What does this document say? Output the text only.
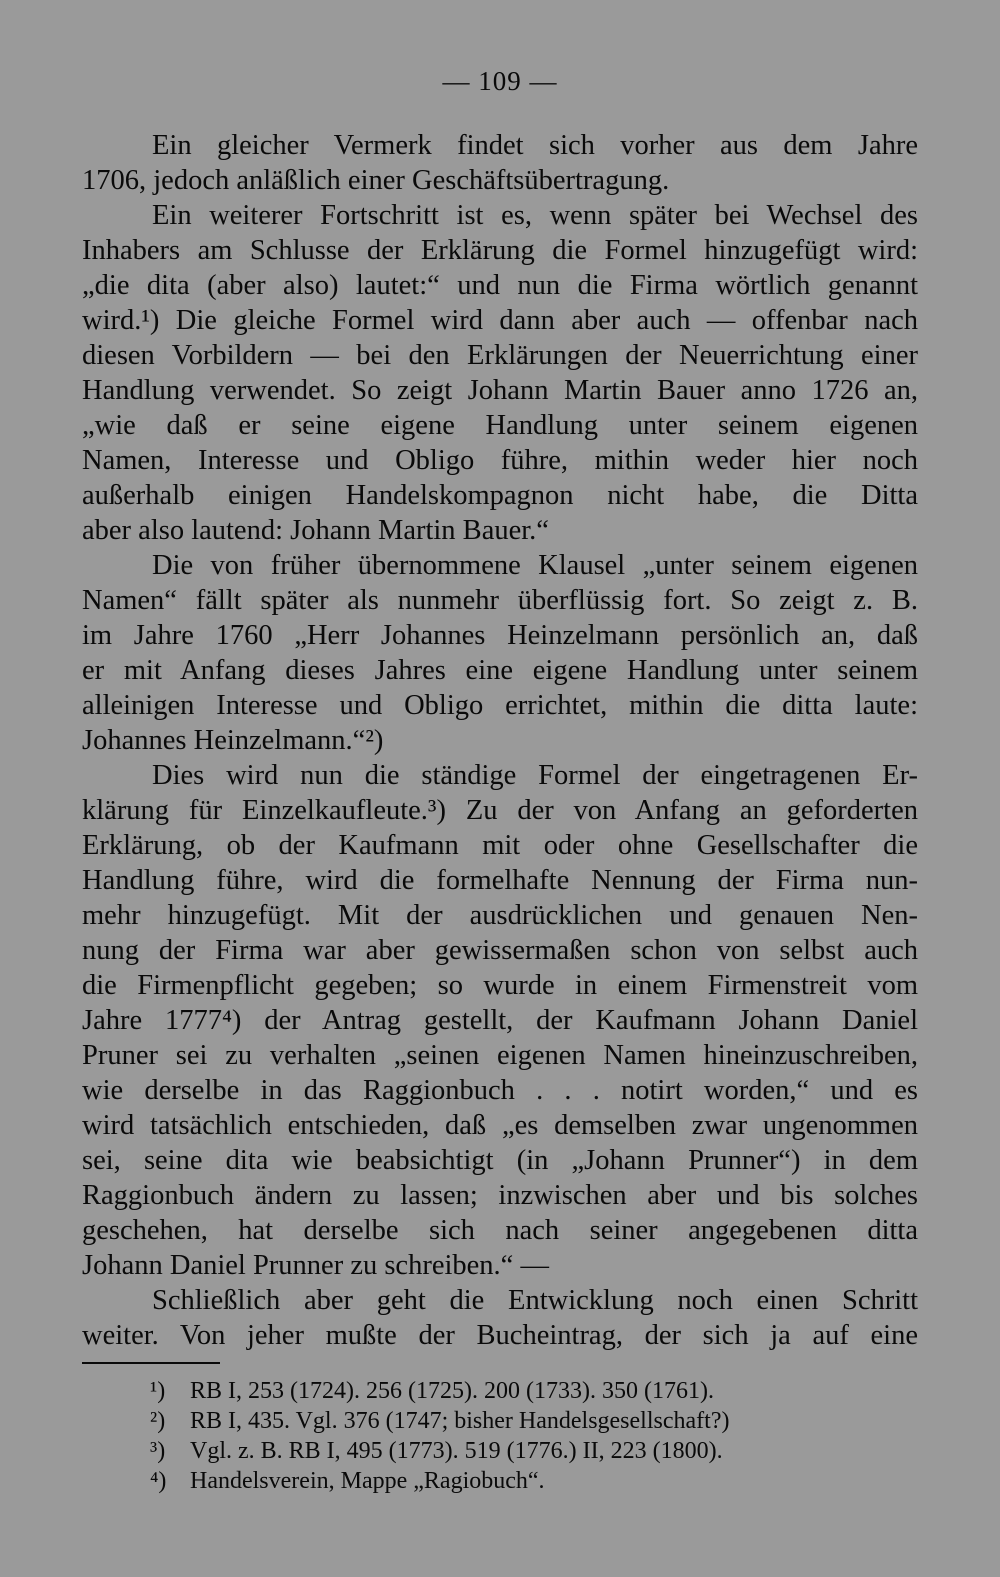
— 109 —
Ein gleicher Vermerk findet sich vorher aus dem Jahre
1706, jedoch anläßlich einer Geschäftsübertragung.
Ein weiterer Fortschritt ist es, wenn später bei Wechsel des
Inhabers am Schlusse der Erklärung die Formel hinzugefügt wird:
„die dita (aber also) lautet:“ und nun die Firma wörtlich genannt
wird.¹) Die gleiche Formel wird dann aber auch — offenbar nach
diesen Vorbildern — bei den Erklärungen der Neuerrichtung einer
Handlung verwendet. So zeigt Johann Martin Bauer anno 1726 an,
„wie daß er seine eigene Handlung unter seinem eigenen
Namen, Interesse und Obligo führe, mithin weder hier noch
außerhalb einigen Handelskompagnon nicht habe, die Ditta
aber also lautend: Johann Martin Bauer.“
Die von früher übernommene Klausel „unter seinem eigenen
Namen“ fällt später als nunmehr überflüssig fort. So zeigt z. B.
im Jahre 1760 „Herr Johannes Heinzelmann persönlich an, daß
er mit Anfang dieses Jahres eine eigene Handlung unter seinem
alleinigen Interesse und Obligo errichtet, mithin die ditta laute:
Johannes Heinzelmann.“²)
Dies wird nun die ständige Formel der eingetragenen Er-
klärung für Einzelkaufleute.³) Zu der von Anfang an geforderten
Erklärung, ob der Kaufmann mit oder ohne Gesellschafter die
Handlung führe, wird die formelhafte Nennung der Firma nun-
mehr hinzugefügt. Mit der ausdrücklichen und genauen Nen-
nung der Firma war aber gewissermaßen schon von selbst auch
die Firmenpflicht gegeben; so wurde in einem Firmenstreit vom
Jahre 1777⁴) der Antrag gestellt, der Kaufmann Johann Daniel
Pruner sei zu verhalten „seinen eigenen Namen hineinzuschreiben,
wie derselbe in das Raggionbuch . . . notirt worden,“ und es
wird tatsächlich entschieden, daß „es demselben zwar ungenommen
sei, seine dita wie beabsichtigt (in „Johann Prunner“) in dem
Raggionbuch ändern zu lassen; inzwischen aber und bis solches
geschehen, hat derselbe sich nach seiner angegebenen ditta
Johann Daniel Prunner zu schreiben.“ —
Schließlich aber geht die Entwicklung noch einen Schritt
weiter. Von jeher mußte der Bucheintrag, der sich ja auf eine
¹) RB I, 253 (1724). 256 (1725). 200 (1733). 350 (1761).
²) RB I, 435. Vgl. 376 (1747; bisher Handelsgesellschaft?)
³) Vgl. z. B. RB I, 495 (1773). 519 (1776.) II, 223 (1800).
⁴) Handelsverein, Mappe „Ragiobuch“.
